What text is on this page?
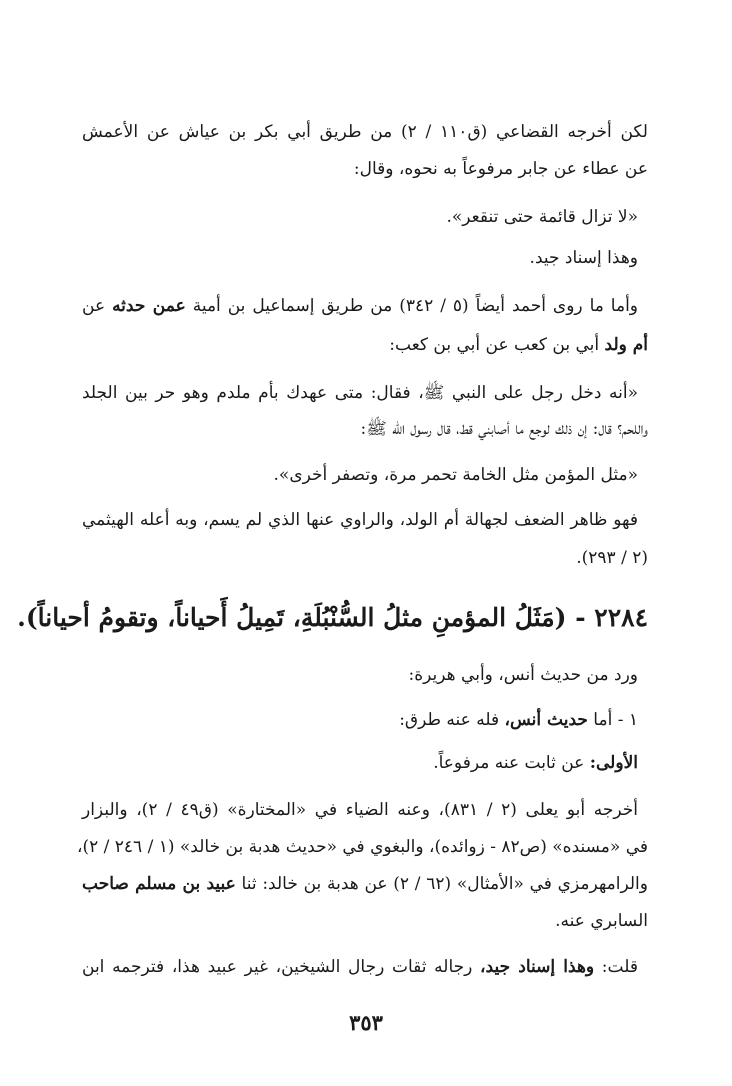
لكن أخرجه القضاعي (ق١١٠ / ٢) من طريق أبي بكر بن عياش عن الأعمش
عن عطاء عن جابر مرفوعاً به نحوه، وقال:
«لا تزال قائمة حتى تنقعر».
وهذا إسناد جيد.
وأما ما روى أحمد أيضاً (٥ / ٣٤٢) من طريق إسماعيل بن أمية عمن حدثه عن
أم ولد أبي بن كعب عن أبي بن كعب:
«أنه دخل رجل على النبي ﷺ، فقال: متى عهدك بأم ملدم وهو حر بين الجلد
واللحم؟ قال: إن ذلك لوجع ما أصابني قط، قال رسول الله ﷺ:
«مثل المؤمن مثل الخامة تحمر مرة، وتصفر أخرى».
فهو ظاهر الضعف لجهالة أم الولد، والراوي عنها الذي لم يسم، وبه أعله الهيثمي
(٢ / ٢٩٣).
٢٢٨٤ - (مَثَلُ المؤمنِ مثلُ السُّنْبُلَةِ، تَمِيلُ أَحياناً، وتقومُ أحياناً).
ورد من حديث أنس، وأبي هريرة:
١ - أما حديث أنس، فله عنه طرق:
الأولى: عن ثابت عنه مرفوعاً.
أخرجه أبو يعلى (٢ / ٨٣١)، وعنه الضياء في «المختارة» (ق٤٩ / ٢)، والبزار
في «مسنده» (ص٨٢ - زوائده)، والبغوي في «حديث هدبة بن خالد» (١ / ٢٤٦ / ٢)،
والرامهرمزي في «الأمثال» (٦٢ / ٢) عن هدبة بن خالد: ثنا عبيد بن مسلم صاحب
السابري عنه.
قلت: وهذا إسناد جيد، رجاله ثقات رجال الشيخين، غير عبيد هذا، فترجمه ابن
٣٥٣
